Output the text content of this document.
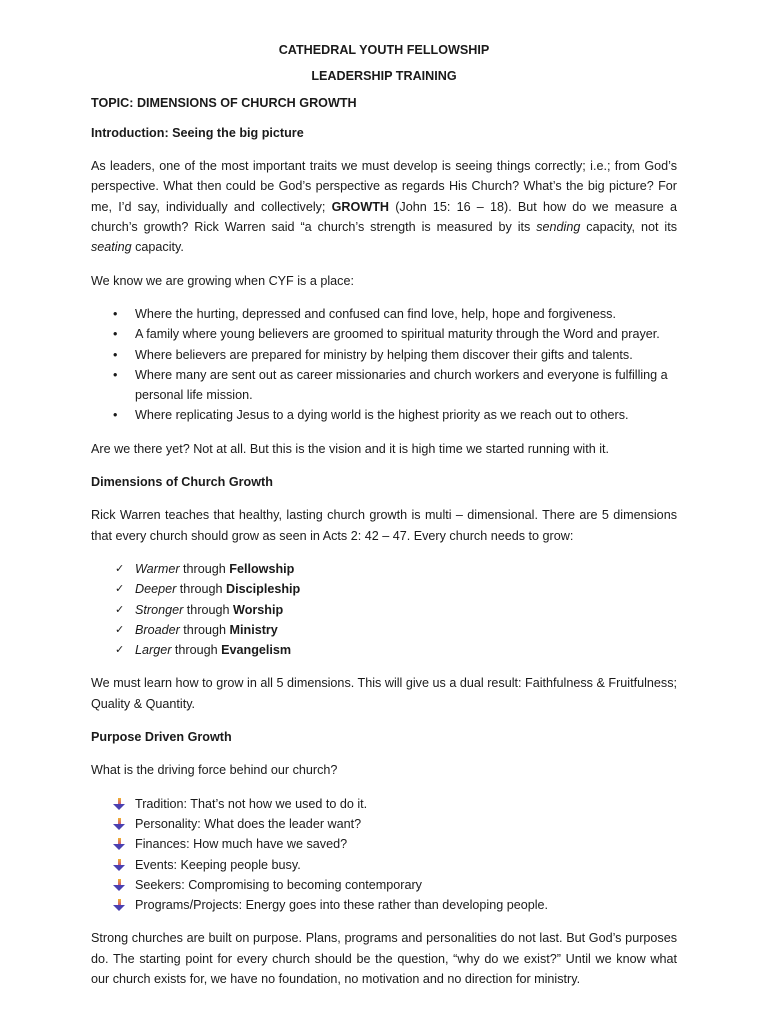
CATHEDRAL YOUTH FELLOWSHIP

LEADERSHIP TRAINING

TOPIC: DIMENSIONS OF CHURCH GROWTH
Introduction: Seeing the big picture

As leaders, one of the most important traits we must develop is seeing things correctly; i.e.; from God’s perspective. What then could be God’s perspective as regards His Church? What’s the big picture? For me, I’d say, individually and collectively; GROWTH (John 15: 16 – 18). But how do we measure a church’s growth? Rick Warren said “a church’s strength is measured by its sending capacity, not its seating capacity.

We know we are growing when CYF is a place:

• Where the hurting, depressed and confused can find love, help, hope and forgiveness.
• A family where young believers are groomed to spiritual maturity through the Word and prayer.
• Where believers are prepared for ministry by helping them discover their gifts and talents.
• Where many are sent out as career missionaries and church workers and everyone is fulfilling a personal life mission.
• Where replicating Jesus to a dying world is the highest priority as we reach out to others.

Are we there yet? Not at all. But this is the vision and it is high time we started running with it.

Dimensions of Church Growth

Rick Warren teaches that healthy, lasting church growth is multi – dimensional. There are 5 dimensions that every church should grow as seen in Acts 2: 42 – 47. Every church needs to grow:

✓ Warmer through Fellowship
✓ Deeper through Discipleship
✓ Stronger through Worship
✓ Broader through Ministry
✓ Larger through Evangelism

We must learn how to grow in all 5 dimensions. This will give us a dual result: Faithfulness & Fruitfulness; Quality & Quantity.

Purpose Driven Growth

What is the driving force behind our church?

Tradition: That’s not how we used to do it.
Personality: What does the leader want?
Finances: How much have we saved?
Events: Keeping people busy.
Seekers: Compromising to becoming contemporary
Programs/Projects: Energy goes into these rather than developing people.

Strong churches are built on purpose. Plans, programs and personalities do not last. But God’s purposes do. The starting point for every church should be the question, “why do we exist?” Until we know what our church exists for, we have no foundation, no motivation and no direction for ministry.
